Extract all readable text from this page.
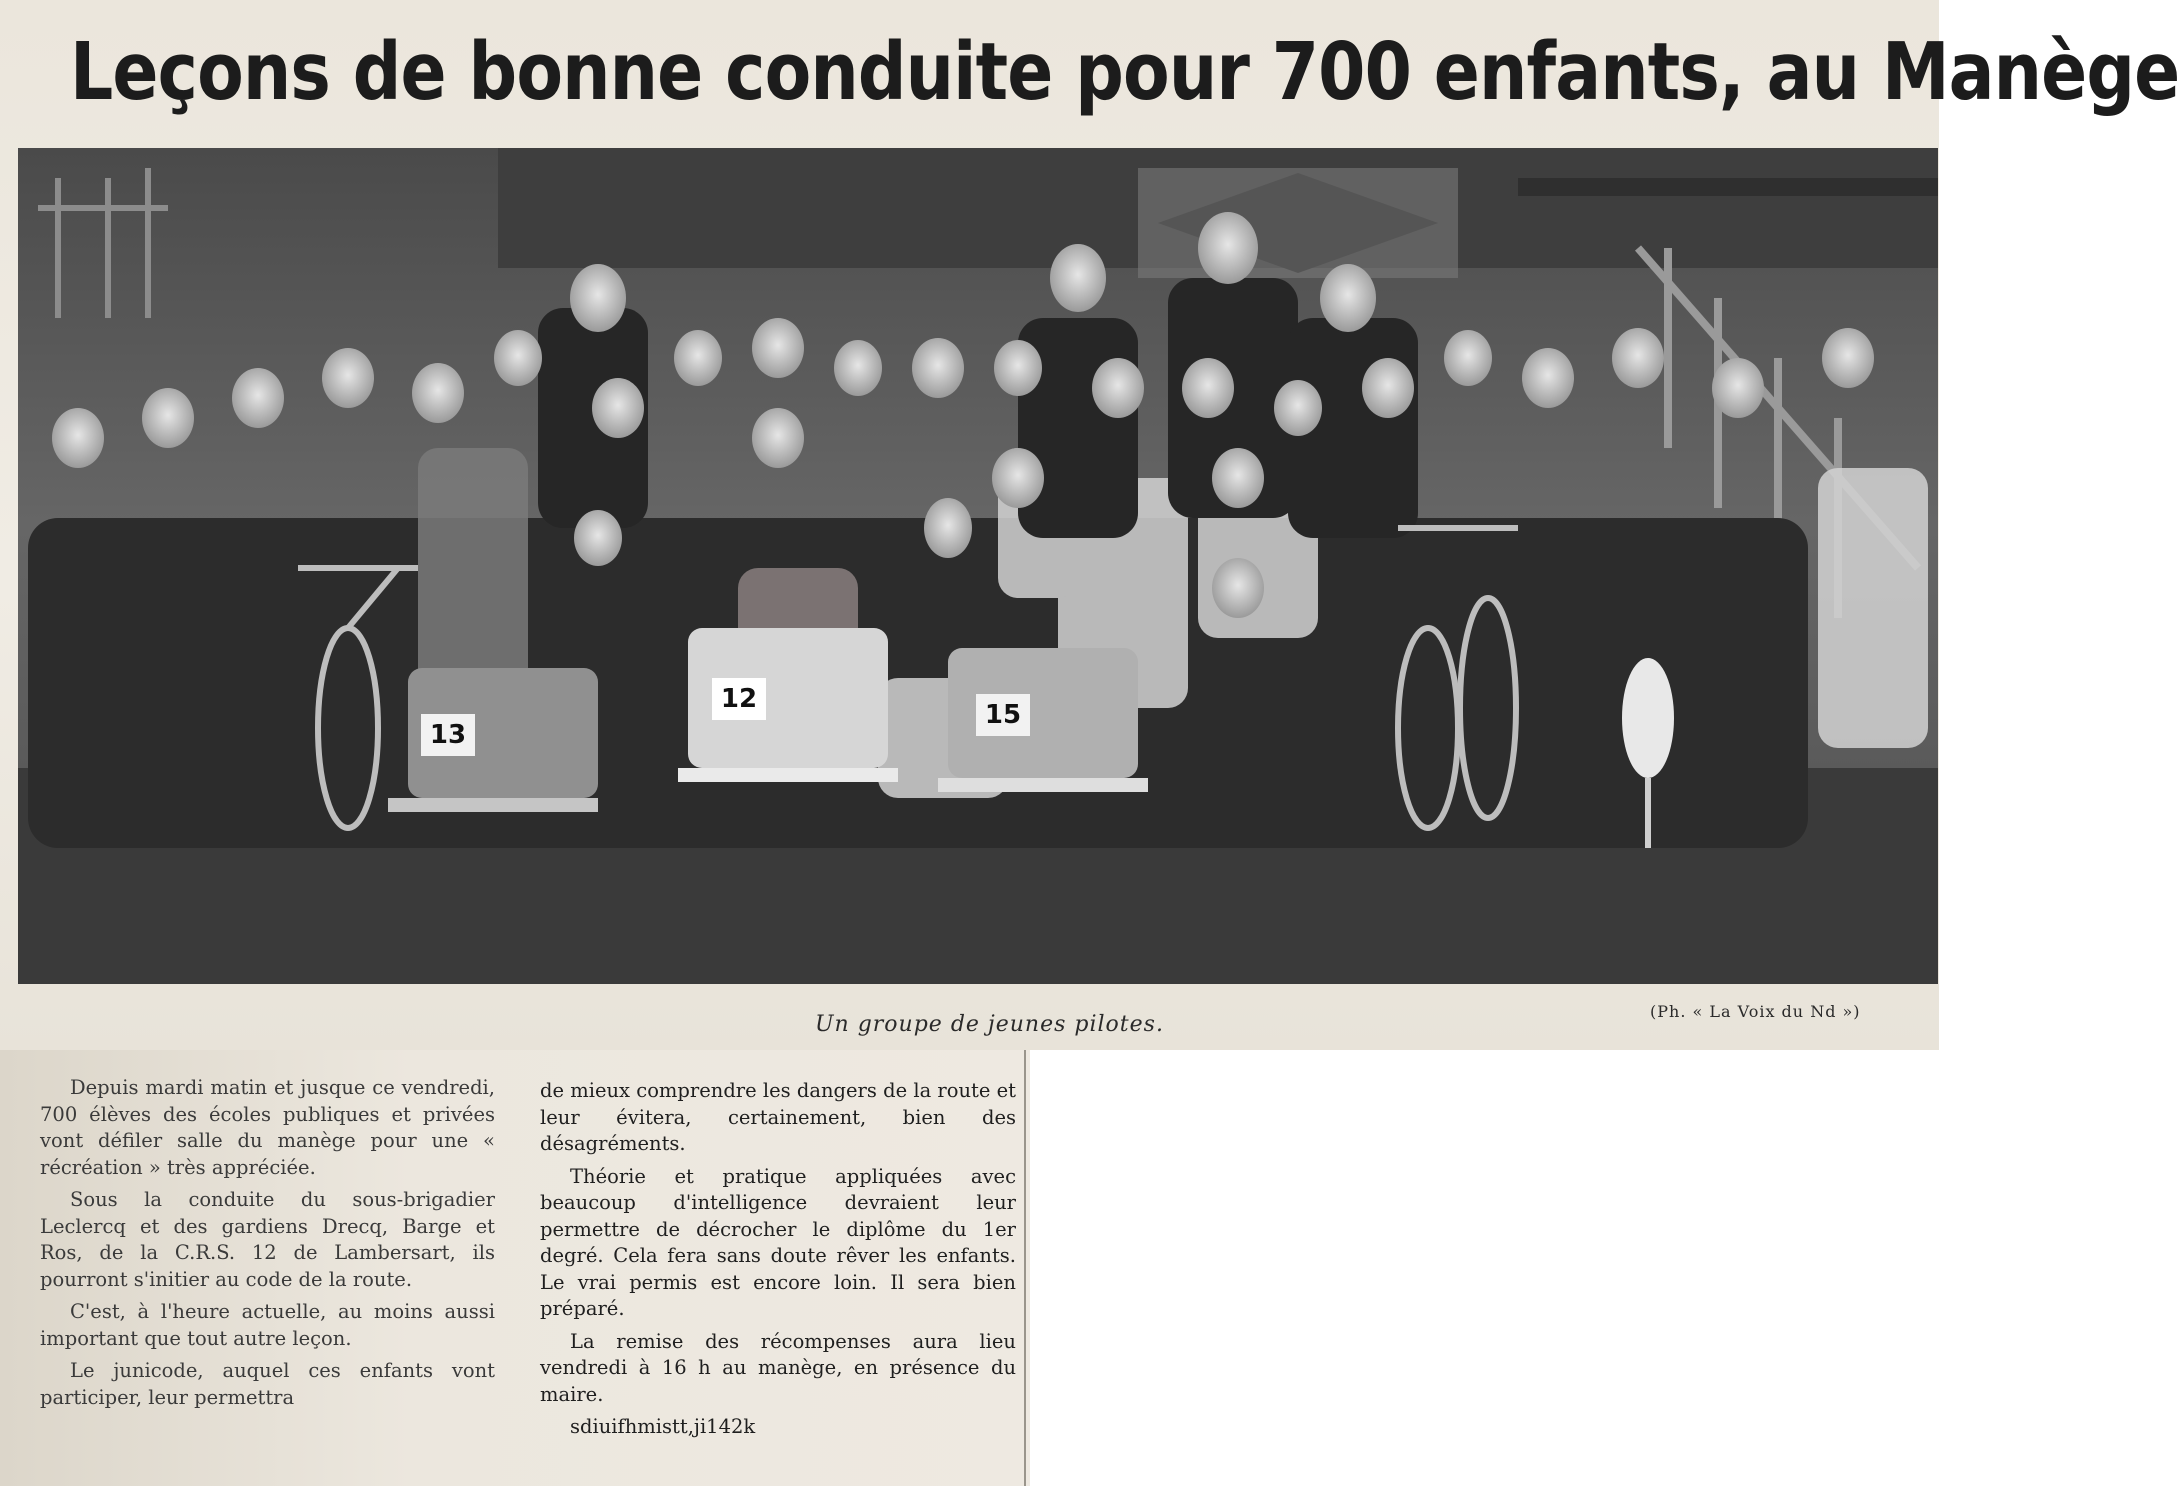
Leçons de bonne conduite pour 700 enfants, au Manège
13
12
15
Un groupe de jeunes pilotes.
(Ph. « La Voix du Nd »)

Depuis mardi matin et jusque ce vendredi, 700 élèves des écoles publiques et privées vont défiler salle du manège pour une « récréation » très appréciée.

Sous la conduite du sous-brigadier Leclercq et des gardiens Drecq, Barge et Ros, de la C.R.S. 12 de Lambersart, ils pourront s'initier au code de la route.

C'est, à l'heure actuelle, au moins aussi important que tout autre leçon.

Le junicode, auquel ces enfants vont participer, leur permettra

de mieux comprendre les dangers de la route et leur évitera, certainement, bien des désagréments.

Théorie et pratique appliquées avec beaucoup d'intelligence devraient leur permettre de décrocher le diplôme du 1er degré. Cela fera sans doute rêver les enfants. Le vrai permis est encore loin. Il sera bien préparé.

La remise des récompenses aura lieu vendredi à 16 h au manège, en présence du maire.

sdiuifhmistt,ji142k
